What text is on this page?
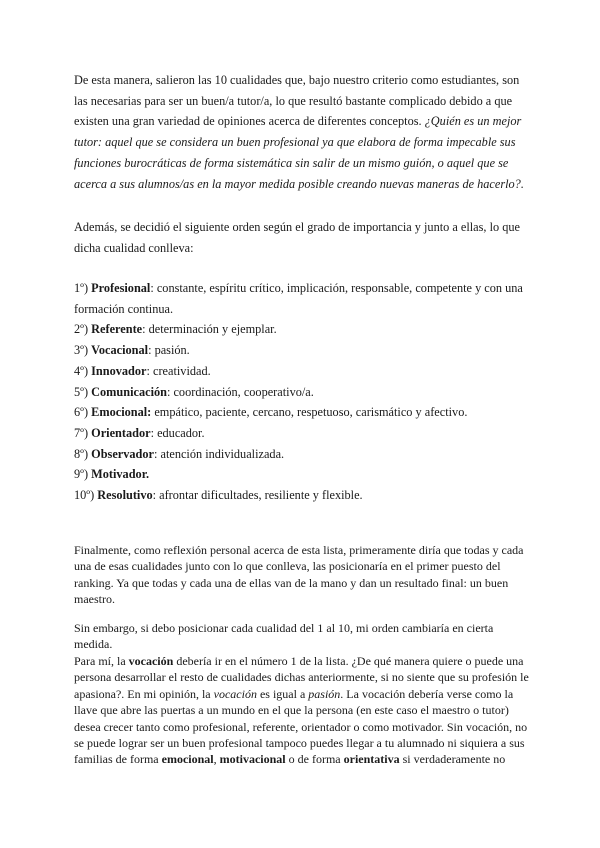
De esta manera, salieron las 10 cualidades que, bajo nuestro criterio como estudiantes, son las necesarias para ser un buen/a tutor/a, lo que resultó bastante complicado debido a que existen una gran variedad de opiniones acerca de diferentes conceptos. ¿Quién es un mejor tutor: aquel que se considera un buen profesional ya que elabora de forma impecable sus funciones burocráticas de forma sistemática sin salir de un mismo guión, o aquel que se acerca a sus alumnos/as en la mayor medida posible creando nuevas maneras de hacerlo?.

Además, se decidió el siguiente orden según el grado de importancia y junto a ellas, lo que dicha cualidad conlleva:

1º) Profesional: constante, espíritu crítico, implicación, responsable, competente y con una formación continua.
2º) Referente: determinación y ejemplar.
3º) Vocacional: pasión.
4º) Innovador: creatividad.
5º) Comunicación: coordinación, cooperativo/a.
6º) Emocional: empático, paciente, cercano, respetuoso, carismático y afectivo.
7º) Orientador: educador.
8º) Observador: atención individualizada.
9º) Motivador.
10º) Resolutivo: afrontar dificultades, resiliente y flexible.

Finalmente, como reflexión personal acerca de esta lista, primeramente diría que todas y cada una de esas cualidades junto con lo que conlleva, las posicionaría en el primer puesto del ranking. Ya que todas y cada una de ellas van de la mano y dan un resultado final: un buen maestro.

Sin embargo, si debo posicionar cada cualidad del 1 al 10, mi orden cambiaría en cierta medida.

Para mí, la vocación debería ir en el número 1 de la lista. ¿De qué manera quiere o puede una persona desarrollar el resto de cualidades dichas anteriormente, si no siente que su profesión le apasiona?. En mi opinión, la vocación es igual a pasión. La vocación debería verse como la llave que abre las puertas a un mundo en el que la persona (en este caso el maestro o tutor) desea crecer tanto como profesional, referente, orientador o como motivador. Sin vocación, no se puede lograr ser un buen profesional tampoco puedes llegar a tu alumnado ni siquiera a sus familias de forma emocional, motivacional o de forma orientativa si verdaderamente no
